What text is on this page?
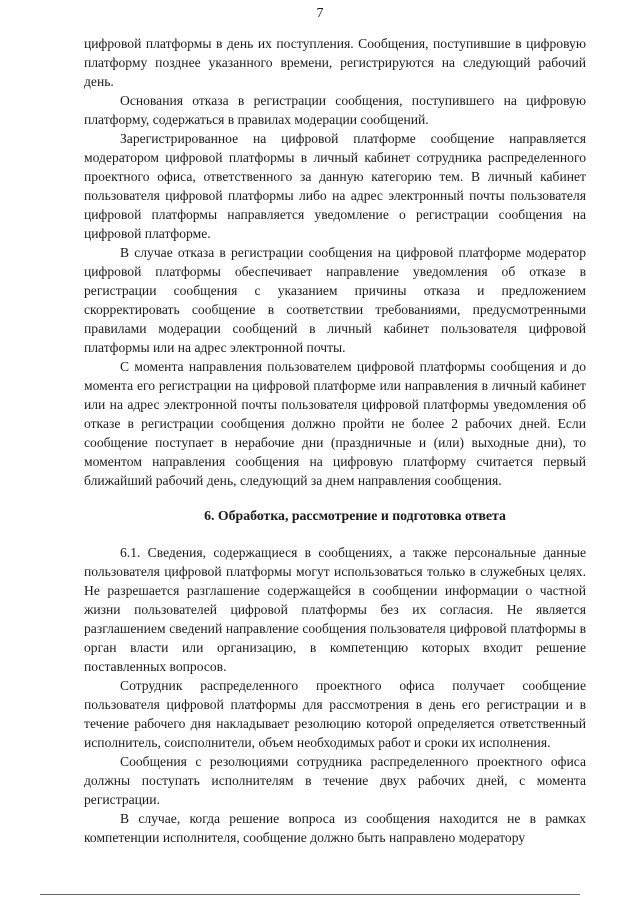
7

цифровой платформы в день их поступления. Сообщения, поступившие в цифровую платформу позднее указанного времени, регистрируются на следующий рабочий день.

Основания отказа в регистрации сообщения, поступившего на цифровую платформу, содержаться в правилах модерации сообщений.

Зарегистрированное на цифровой платформе сообщение направляется модератором цифровой платформы в личный кабинет сотрудника распределенного проектного офиса, ответственного за данную категорию тем. В личный кабинет пользователя цифровой платформы либо на адрес электронный почты пользователя цифровой платформы направляется уведомление о регистрации сообщения на цифровой платформе.

В случае отказа в регистрации сообщения на цифровой платформе модератор цифровой платформы обеспечивает направление уведомления об отказе в регистрации сообщения с указанием причины отказа и предложением скорректировать сообщение в соответствии требованиями, предусмотренными правилами модерации сообщений в личный кабинет пользователя цифровой платформы или на адрес электронной почты.

С момента направления пользователем цифровой платформы сообщения и до момента его регистрации на цифровой платформе или направления в личный кабинет или на адрес электронной почты пользователя цифровой платформы уведомления об отказе в регистрации сообщения должно пройти не более 2 рабочих дней. Если сообщение поступает в нерабочие дни (праздничные и (или) выходные дни), то моментом направления сообщения на цифровую платформу считается первый ближайший рабочий день, следующий за днем направления сообщения.

6. Обработка, рассмотрение и подготовка ответа

6.1. Сведения, содержащиеся в сообщениях, а также персональные данные пользователя цифровой платформы могут использоваться только в служебных целях. Не разрешается разглашение содержащейся в сообщении информации о частной жизни пользователей цифровой платформы без их согласия. Не является разглашением сведений направление сообщения пользователя цифровой платформы в орган власти или организацию, в компетенцию которых входит решение поставленных вопросов.

Сотрудник распределенного проектного офиса получает сообщение пользователя цифровой платформы для рассмотрения в день его регистрации и в течение рабочего дня накладывает резолюцию которой определяется ответственный исполнитель, соисполнители, объем необходимых работ и сроки их исполнения.

Сообщения с резолюциями сотрудника распределенного проектного офиса должны поступать исполнителям в течение двух рабочих дней, с момента регистрации.

В случае, когда решение вопроса из сообщения находится не в рамках компетенции исполнителя, сообщение должно быть направлено модератору
